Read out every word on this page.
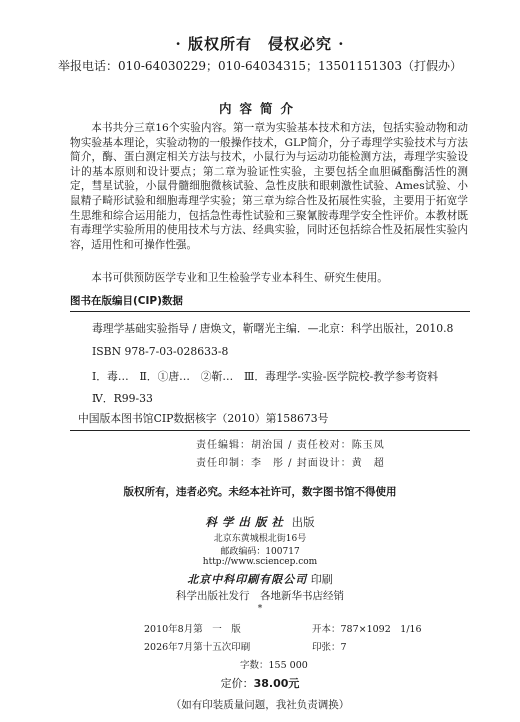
· 版权所有　侵权必究 ·
举报电话：010-64030229；010-64034315；13501151303（打假办）
内容简介

本书共分三章16个实验内容。第一章为实验基本技术和方法，包括实验动物和动物实验基本理论，实验动物的一般操作技术，GLP简介，分子毒理学实验技术与方法简介，酶、蛋白测定相关方法与技术，小鼠行为与运动功能检测方法，毒理学实验设计的基本原则和设计要点；第二章为验证性实验，主要包括全血胆碱酯酶活性的测定，彗星试验，小鼠骨髓细胞微核试验、急性皮肤和眼刺激性试验、Ames试验、小鼠精子畸形试验和细胞毒理学实验；第三章为综合性及拓展性实验，主要用于拓宽学生思维和综合运用能力，包括急性毒性试验和三聚氰胺毒理学安全性评价。本教材既有毒理学实验所用的使用技术与方法、经典实验，同时还包括综合性及拓展性实验内容，适用性和可操作性强。

本书可供预防医学专业和卫生检验学专业本科生、研究生使用。

图书在版编目(CIP)数据
毒理学基础实验指导 / 唐焕文，靳曙光主编．—北京：科学出版社，2010.8
ISBN 978-7-03-028633-8
Ⅰ．毒…　Ⅱ．①唐…　②靳…　Ⅲ．毒理学-实验-医学院校-教学参考资料
Ⅳ．R99-33
中国版本图书馆CIP数据核字（2010）第158673号
责任编辑：胡治国 / 责任校对：陈玉凤
责任印制：李　彤 / 封面设计：黄　超
版权所有，违者必究。未经本社许可，数字图书馆不得使用
科学出版社 出版
北京东黄城根北街16号
邮政编码：100717
http://www.sciencep.com
北京中科印刷有限公司 印刷
科学出版社发行　各地新华书店经销
*
2010年8月第　一　版	开本：787×1092　1/16
2026年7月第十五次印刷	印张：7
字数：155 000
定价：38.00元
（如有印装质量问题，我社负责调换）
